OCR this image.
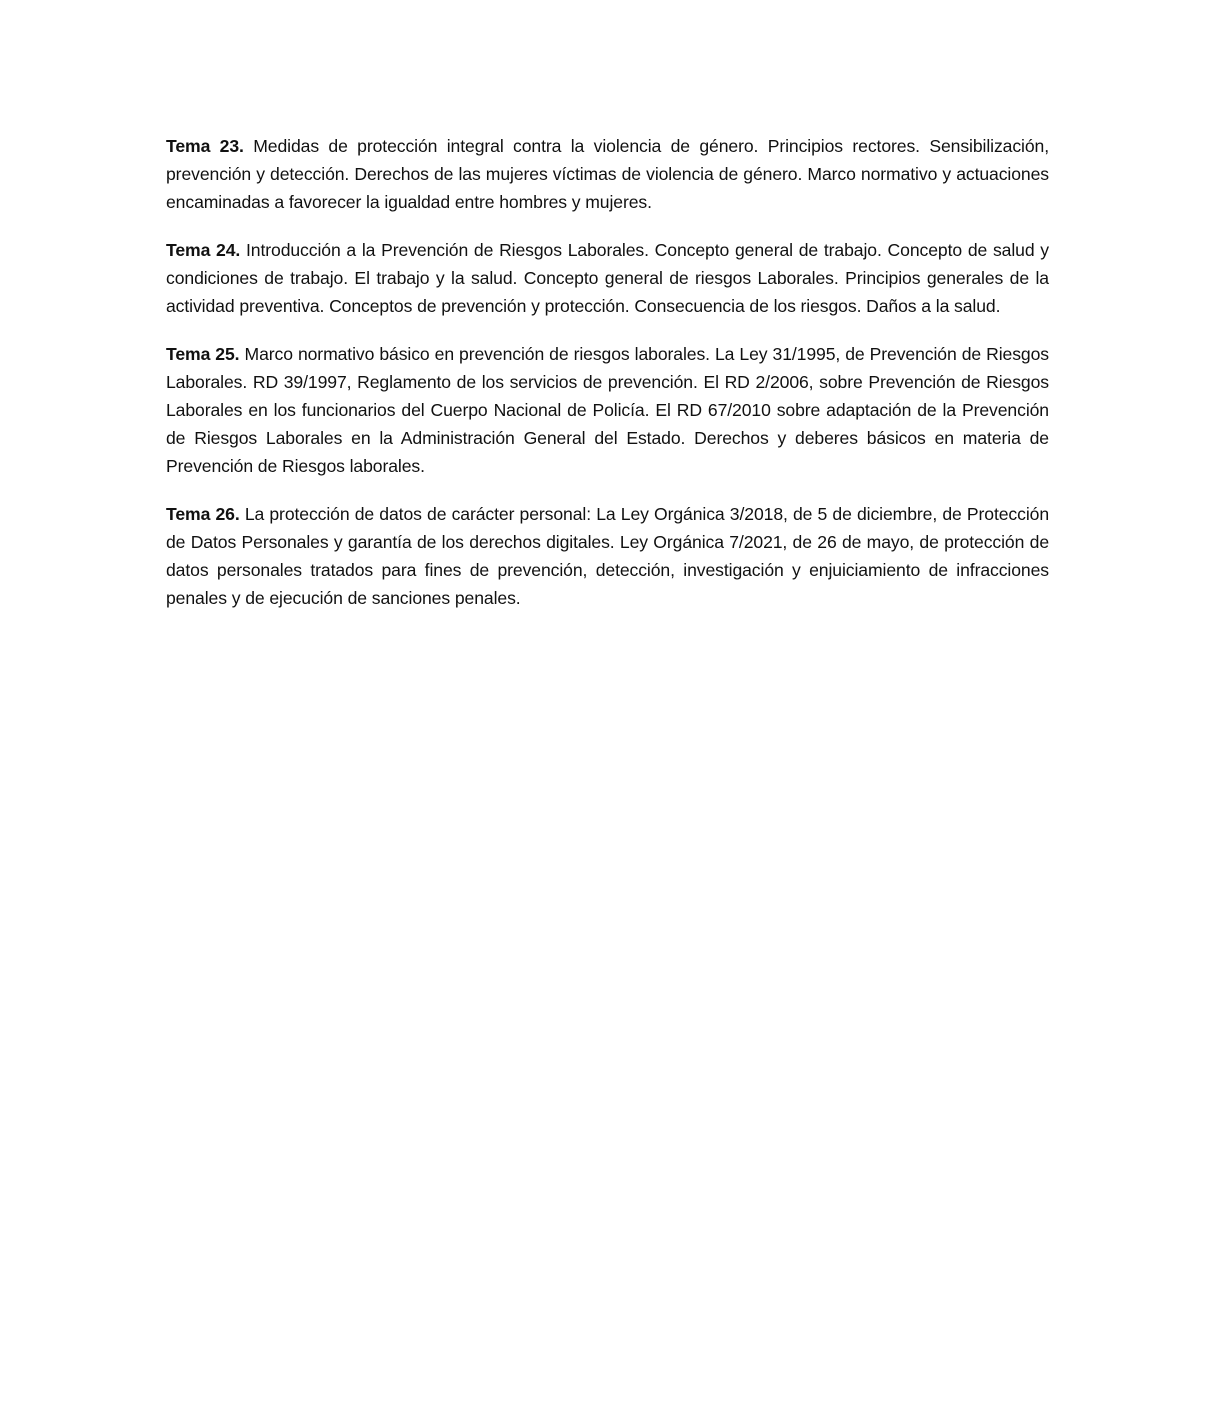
Tema 23. Medidas de protección integral contra la violencia de género. Principios rectores. Sensibilización, prevención y detección. Derechos de las mujeres víctimas de violencia de género. Marco normativo y actuaciones encaminadas a favorecer la igualdad entre hombres y mujeres.

Tema 24. Introducción a la Prevención de Riesgos Laborales. Concepto general de trabajo. Concepto de salud y condiciones de trabajo. El trabajo y la salud. Concepto general de riesgos Laborales. Principios generales de la actividad preventiva. Conceptos de prevención y protección. Consecuencia de los riesgos. Daños a la salud.

Tema 25. Marco normativo básico en prevención de riesgos laborales. La Ley 31/1995, de Prevención de Riesgos Laborales. RD 39/1997, Reglamento de los servicios de prevención. El RD 2/2006, sobre Prevención de Riesgos Laborales en los funcionarios del Cuerpo Nacional de Policía. El RD 67/2010 sobre adaptación de la Prevención de Riesgos Laborales en la Administración General del Estado. Derechos y deberes básicos en materia de Prevención de Riesgos laborales.

Tema 26. La protección de datos de carácter personal: La Ley Orgánica 3/2018, de 5 de diciembre, de Protección de Datos Personales y garantía de los derechos digitales. Ley Orgánica 7/2021, de 26 de mayo, de protección de datos personales tratados para fines de prevención, detección, investigación y enjuiciamiento de infracciones penales y de ejecución de sanciones penales.
